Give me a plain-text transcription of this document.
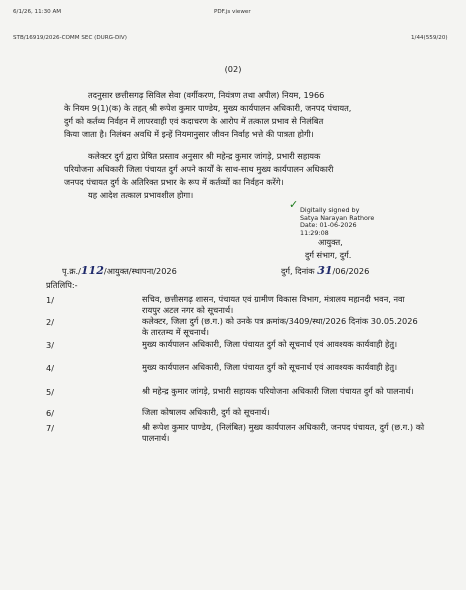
6/1/26, 11:30 AM	PDF.js viewer
STB/16919/2026-COMM SEC (DURG-DIV)	1/44(559/20)
(02)
तदनुसार छत्तीसगढ़ सिविल सेवा (वर्गीकरण, नियंत्रण तथा अपील) नियम, 1966
के नियम 9(1)(क) के तहत् श्री रूपेश कुमार पाण्डेय, मुख्य कार्यपालन अधिकारी, जनपद पंचायत,
दुर्ग को कर्तव्य निर्वहन में लापरवाही एवं कदाचरण के आरोप में तत्काल प्रभाव से निलंबित
किया जाता है। निलंबन अवधि में इन्हें नियमानुसार जीवन निर्वाह भत्ते की पात्रता होगी।
कलेक्टर दुर्ग द्वारा प्रेषित प्रस्ताव अनुसार श्री महेन्द्र कुमार जांगड़े, प्रभारी सहायक
परियोजना अधिकारी जिला पंचायत दुर्ग अपने कार्यों के साथ-साथ मुख्य कार्यपालन अधिकारी
जनपद पंचायत दुर्ग के अतिरिक्त प्रभार के रूप में कर्तव्यों का निर्वहन करेंगे।
यह आदेश तत्काल प्रभावशील होगा।
✓ Digitally signed by
Satya Narayan Rathore
Date: 01-06-2026
11:29:08
आयुक्त,
दुर्ग संभाग, दुर्ग.
पृ.क्र./112/आयुक्त/स्थापना/2026	दुर्ग, दिनांक 31/06/2026
प्रतिलिपि:-
1/	सचिव, छत्तीसगढ़ शासन, पंचायत एवं ग्रामीण विकास विभाग, मंत्रालय महानदी भवन, नवा रायपुर अटल नगर को सूचनार्थ।
2/	कलेक्टर, जिला दुर्ग (छ.ग.) को उनके पत्र क्रमांक/3409/स्था/2026 दिनांक 30.05.2026 के तारतम्य में सूचनार्थ।
3/	मुख्य कार्यपालन अधिकारी, जिला पंचायत दुर्ग को सूचनार्थ एवं आवश्यक कार्यवाही हेतु।
4/	मुख्य कार्यपालन अधिकारी, जिला पंचायत दुर्ग को सूचनार्थ एवं आवश्यक कार्यवाही हेतु।
5/	श्री महेन्द्र कुमार जांगड़े, प्रभारी सहायक परियोजना अधिकारी जिला पंचायत दुर्ग को पालनार्थ।
6/	जिला कोषालय अधिकारी, दुर्ग को सूचनार्थ।
7/	श्री रूपेश कुमार पाण्डेय, (निलंबित) मुख्य कार्यपालन अधिकारी, जनपद पंचायत, दुर्ग (छ.ग.) को पालनार्थ।
